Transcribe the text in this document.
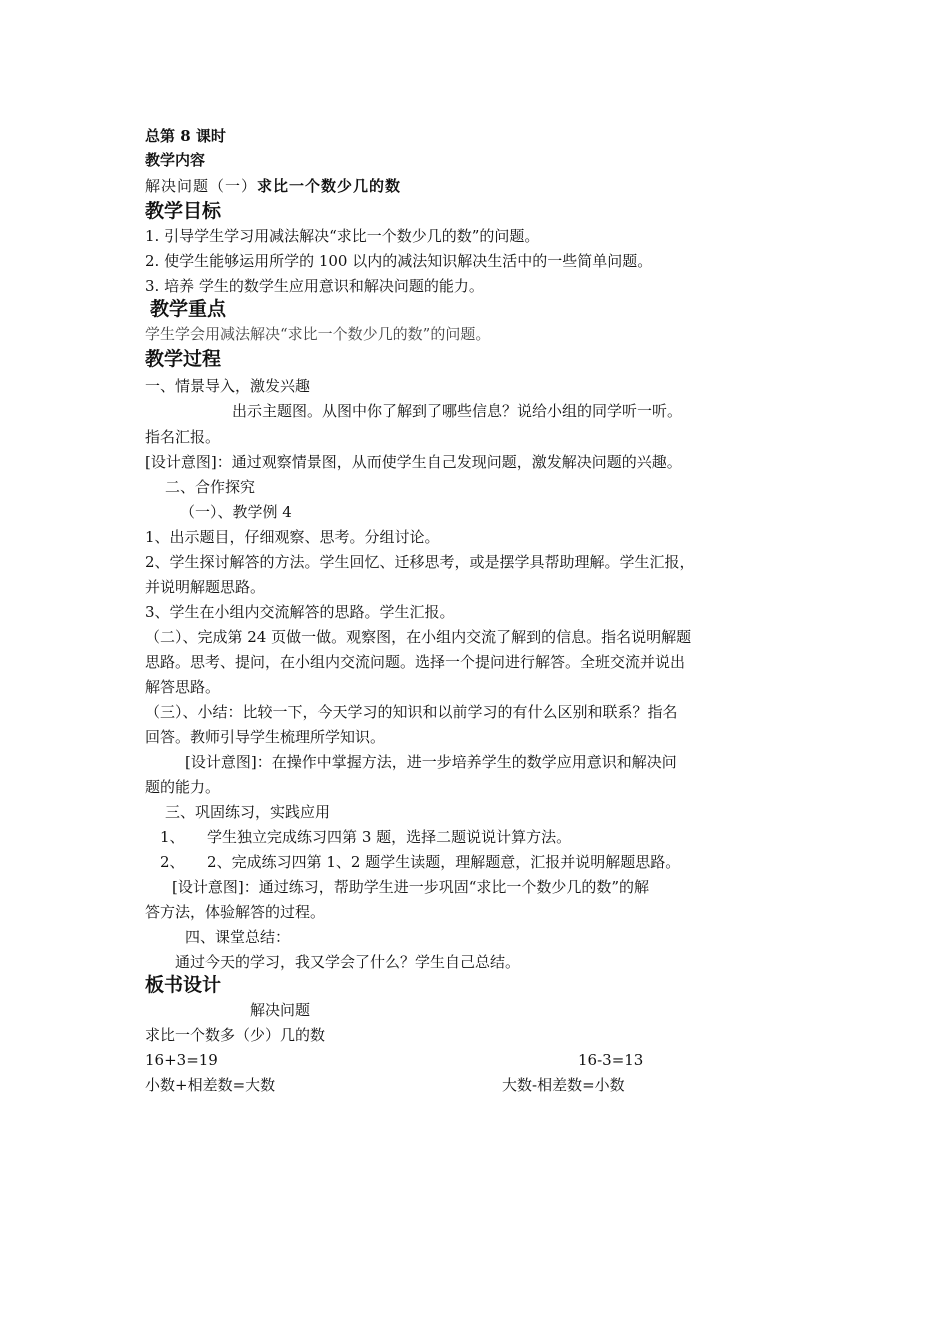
总第 8 课时
教学内容
解决问题（一）求比一个数少几的数
教学目标
1. 引导学生学习用减法解决“求比一个数少几的数”的问题。
2. 使学生能够运用所学的 100 以内的减法知识解决生活中的一些简单问题。
3. 培养 学生的数学生应用意识和解决问题的能力。
教学重点
学生学会用减法解决“求比一个数少几的数”的问题。
教学过程
一、情景导入，激发兴趣
出示主题图。从图中你了解到了哪些信息？说给小组的同学听一听。
指名汇报。
[设计意图]：通过观察情景图，从而使学生自己发现问题，激发解决问题的兴趣。
二、合作探究
（一）、教学例 4
1、出示题目，仔细观察、思考。分组讨论。
2、学生探讨解答的方法。学生回忆、迁移思考，或是摆学具帮助理解。学生汇报，
并说明解题思路。
3、学生在小组内交流解答的思路。学生汇报。
（二）、完成第 24 页做一做。观察图，在小组内交流了解到的信息。指名说明解题
思路。思考、提问，在小组内交流问题。选择一个提问进行解答。全班交流并说出
解答思路。
（三）、小结：比较一下，今天学习的知识和以前学习的有什么区别和联系？指名
回答。教师引导学生梳理所学知识。
[设计意图]：在操作中掌握方法，进一步培养学生的数学应用意识和解决问
题的能力。
三、巩固练习，实践应用
1、　　学生独立完成练习四第 3 题，选择二题说说计算方法。
2、　　2、完成练习四第 1、2 题学生读题，理解题意，汇报并说明解题思路。
[设计意图]：通过练习，帮助学生进一步巩固“求比一个数少几的数”的解
答方法，体验解答的过程。
四、课堂总结：
通过今天的学习，我又学会了什么？学生自己总结。
板书设计
解决问题
求比一个数多（少）几的数
16+3=19	16-3=13
小数+相差数=大数	大数-相差数=小数
